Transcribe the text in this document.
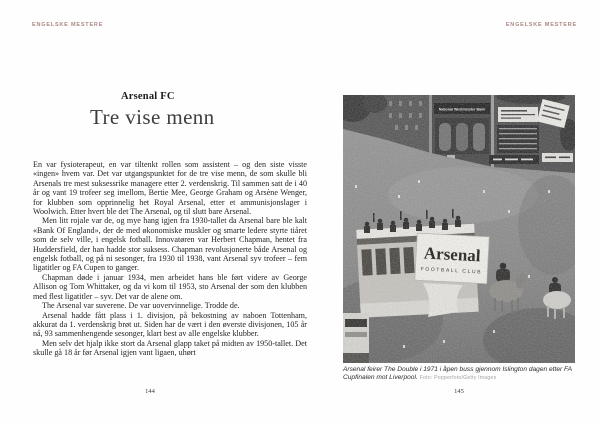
ENGELSKE MESTERE
Arsenal FC
Tre vise menn

En var fysioterapeut, en var tiltenkt rollen som assistent – og den siste visste «ingen» hvem var. Det var utgangspunktet for de tre vise menn, de som skulle bli Arsenals tre mest suksessrike managere etter 2. verdenskrig. Til sammen satt de i 40 år og vant 19 trofeer seg imellom, Bertie Mee, George Graham og Arsène Wenger, for klubben som opprinnelig het Royal Arsenal, etter et ammunisjonslager i Woolwich. Etter hvert ble det The Arsenal, og til slutt bare Arsenal.

Men litt rojale var de, og mye hang igjen fra 1930-tallet da Arsenal bare ble kalt «Bank Of England», der de med økonomiske muskler og smarte ledere styrte tiåret som de selv ville, i engelsk fotball. Innovatøren var Herbert Chapman, hentet fra Huddersfield, der han hadde stor suksess. Chapman revolusjonerte både Arsenal og engelsk fotball, og på ni sesonger, fra 1930 til 1938, vant Arsenal syv trofeer – fem ligatitler og FA Cupen to ganger.

Chapman døde i januar 1934, men arbeidet hans ble ført videre av George Allison og Tom Whittaker, og da vi kom til 1953, sto Arsenal der som den klubben med flest ligatitler – syv. Det var de alene om.

The Arsenal var suverene. De var uovervinnelige. Trodde de.

Arsenal hadde fått plass i 1. divisjon, på bekostning av naboen Tottenham, akkurat da 1. verdenskrig brøt ut. Siden har de vært i den øverste divisjonen, 105 år nå, 93 sammenhengende sesonger, klart best av alle engelske klubber.

Men selv det hjalp ikke stort da Arsenal glapp taket på midten av 1950-tallet. Det skulle gå 18 år før Arsenal igjen vant ligaen, uhørt

144
ENGELSKE MESTERE
National Westminster Bank
Arsenal
FOOTBALL CLUB
Arsenal feirer The Double i 1971 i åpen buss gjennom Islington dagen etter FA Cupfinalen mot Liverpool. Foto: Popperfoto/Getty Images
145
